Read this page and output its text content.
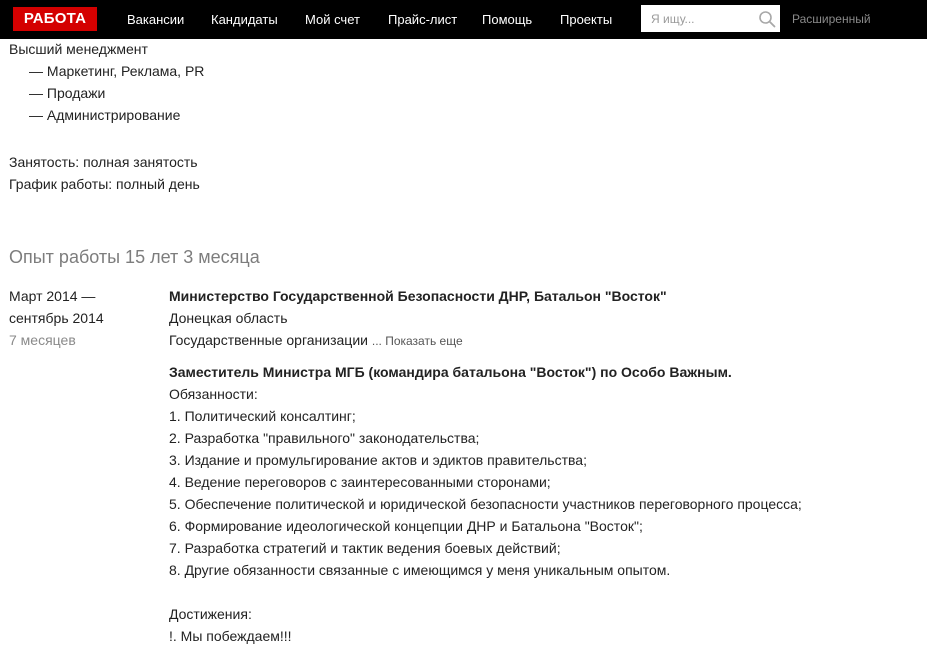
РАБОТА	Вакансии Кандидаты Мой счет Прайс-лист Помощь Проекты
Я ищу...	Расширенный
Высший менеджмент
— Маркетинг, Реклама, PR
— Продажи
— Администрирование
Занятость: полная занятость
График работы: полный день
Опыт работы 15 лет 3 месяца
Март 2014 —
сентябрь 2014
7 месяцев
Министерство Государственной Безопасности ДНР, Батальон "Восток"
Донецкая область
Государственные организации ... Показать еще
Заместитель Министра МГБ (командира батальона "Восток") по Особо Важным.
Обязанности:
1. Политический консалтинг;
2. Разработка "правильного" законодательства;
3. Издание и промульгирование актов и эдиктов правительства;
4. Ведение переговоров с заинтересованными сторонами;
5. Обеспечение политической и юридической безопасности участников переговорного процесса;
6. Формирование идеологической концепции ДНР и Батальона "Восток";
7. Разработка стратегий и тактик ведения боевых действий;
8. Другие обязанности связанные с имеющимся у меня уникальным опытом.
Достижения:
!. Мы побеждаем!!!
